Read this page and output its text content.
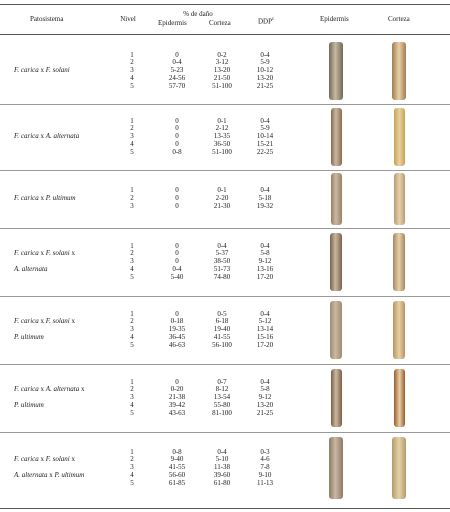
Patosistema	Nivel
% de daño
Epidermis	Corteza	DDP$^c$	Epidermis	Corteza
F. carica x F. solani
1	0	0-2	0-4
2	0-4	3-12	5-9
3	5-23	13-20	10-12
4	24-56	21-50	13-20
5	57-70	51-100	21-25
F. carica x A. alternata
1	0	0-1	0-4
2	0	2-12	5-9
3	0	13-35	10-14
4	0	36-50	15-21
5	0-8	51-100	22-25
F. carica x P. ultimum
1	0	0-1	0-4
2	0	2-20	5-18
3	0	21-30	19-32
F. carica x F. solani x
A. alternata
1	0	0-4	0-4
2	0	5-37	5-8
3	0	38-50	9-12
4	0-4	51-73	13-16
5	5-40	74-80	17-20
F. carica x F. solani x
P. ultimum
1	0	0-5	0-4
2	0-18	6-18	5-12
3	19-35	19-40	13-14
4	36-45	41-55	15-16
5	46-63	56-100	17-20
F. carica x A. alternata x
P. ultimum
1	0	0-7	0-4
2	0-20	8-12	5-8
3	21-38	13-54	9-12
4	39-42	55-80	13-20
5	43-63	81-100	21-25
F. carica x F. solani x
A. alternata x P. ultimum
1	0-8	0-4	0-3
2	9-40	5-10	4-6
3	41-55	11-38	7-8
4	56-60	39-60	9-10
5	61-85	61-80	11-13
